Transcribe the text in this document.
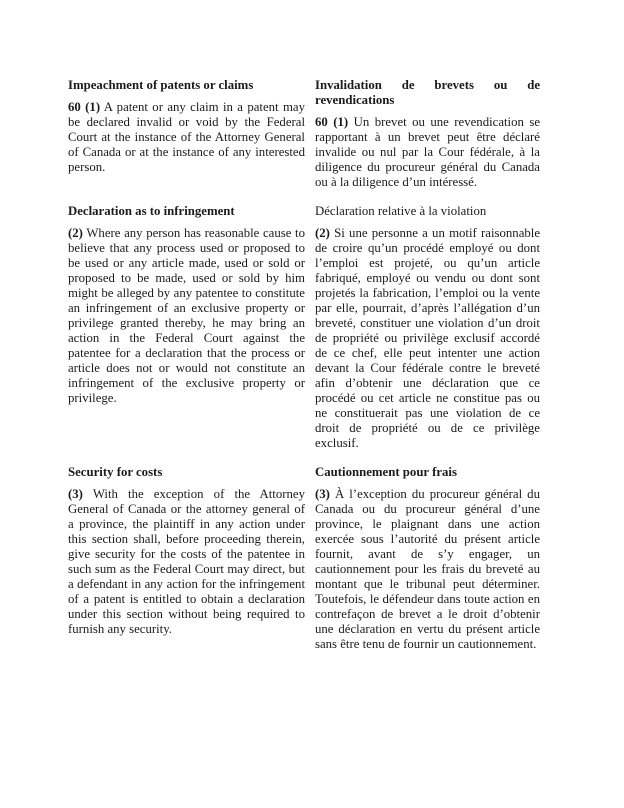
Impeachment of patents or claims

60 (1) A patent or any claim in a patent may be declared invalid or void by the Federal Court at the instance of the Attorney General of Canada or at the instance of any interested person.

Invalidation de brevets ou de revendications

60 (1) Un brevet ou une revendication se rapportant à un brevet peut être déclaré invalide ou nul par la Cour fédérale, à la diligence du procureur général du Canada ou à la diligence d’un intéressé.

Declaration as to infringement

(2) Where any person has reasonable cause to believe that any process used or proposed to be used or any article made, used or sold or proposed to be made, used or sold by him might be alleged by any patentee to constitute an infringement of an exclusive property or privilege granted thereby, he may bring an action in the Federal Court against the patentee for a declaration that the process or article does not or would not constitute an infringement of the exclusive property or privilege.

Déclaration relative à la violation

(2) Si une personne a un motif raisonnable de croire qu’un procédé employé ou dont l’emploi est projeté, ou qu’un article fabriqué, employé ou vendu ou dont sont projetés la fabrication, l’emploi ou la vente par elle, pourrait, d’après l’allégation d’un breveté, constituer une violation d’un droit de propriété ou privilège exclusif accordé de ce chef, elle peut intenter une action devant la Cour fédérale contre le breveté afin d’obtenir une déclaration que ce procédé ou cet article ne constitue pas ou ne constituerait pas une violation de ce droit de propriété ou de ce privilège exclusif.

Security for costs

(3) With the exception of the Attorney General of Canada or the attorney general of a province, the plaintiff in any action under this section shall, before proceeding therein, give security for the costs of the patentee in such sum as the Federal Court may direct, but a defendant in any action for the infringement of a patent is entitled to obtain a declaration under this section without being required to furnish any security.

Cautionnement pour frais

(3) À l’exception du procureur général du Canada ou du procureur général d’une province, le plaignant dans une action exercée sous l’autorité du présent article fournit, avant de s’y engager, un cautionnement pour les frais du breveté au montant que le tribunal peut déterminer. Toutefois, le défendeur dans toute action en contrefaçon de brevet a le droit d’obtenir une déclaration en vertu du présent article sans être tenu de fournir un cautionnement.
